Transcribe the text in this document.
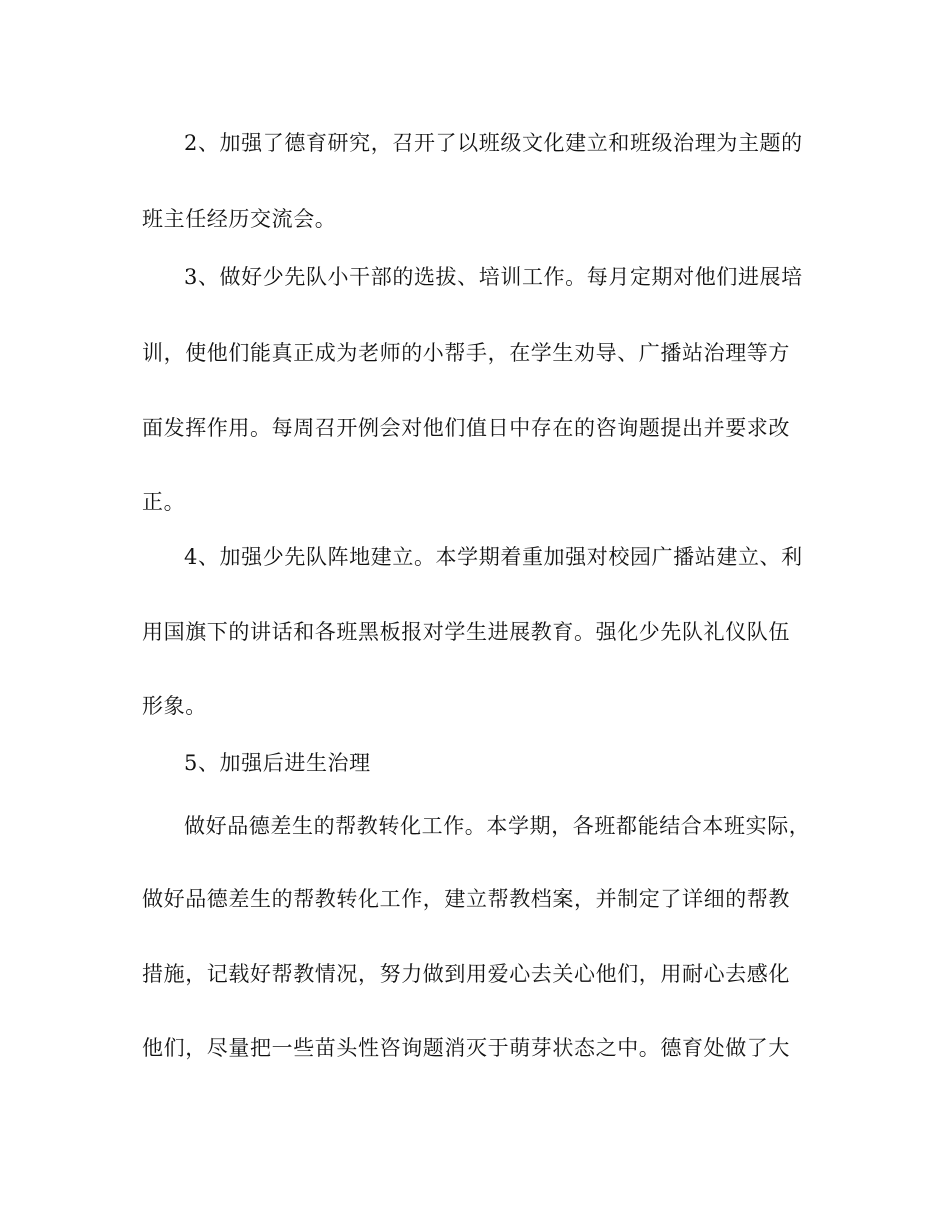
2、加强了德育研究，召开了以班级文化建立和班级治理为主题的
班主任经历交流会。
3、做好少先队小干部的选拔、培训工作。每月定期对他们进展培
训，使他们能真正成为老师的小帮手，在学生劝导、广播站治理等方
面发挥作用。每周召开例会对他们值日中存在的咨询题提出并要求改
正。
4、加强少先队阵地建立。本学期着重加强对校园广播站建立、利
用国旗下的讲话和各班黑板报对学生进展教育。强化少先队礼仪队伍
形象。
5、加强后进生治理
做好品德差生的帮教转化工作。本学期，各班都能结合本班实际，
做好品德差生的帮教转化工作，建立帮教档案，并制定了详细的帮教
措施，记载好帮教情况，努力做到用爱心去关心他们，用耐心去感化
他们，尽量把一些苗头性咨询题消灭于萌芽状态之中。德育处做了大
